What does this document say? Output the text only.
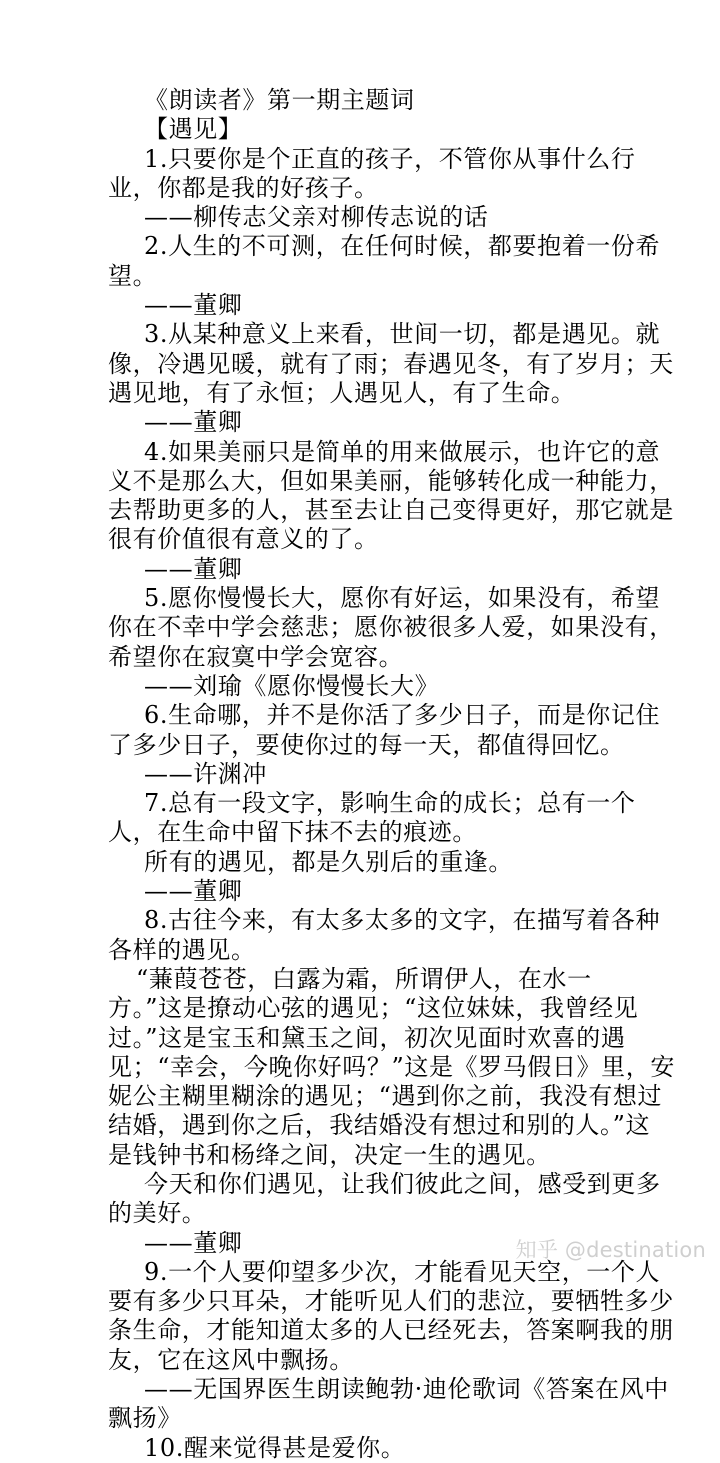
《朗读者》第一期主题词
【遇见】
1.只要你是个正直的孩子，不管你从事什么行
业，你都是我的好孩子。
——柳传志父亲对柳传志说的话
2.人生的不可测，在任何时候，都要抱着一份希
望。
——董卿
3.从某种意义上来看，世间一切，都是遇见。就
像，冷遇见暖，就有了雨；春遇见冬，有了岁月；天
遇见地，有了永恒；人遇见人，有了生命。
——董卿
4.如果美丽只是简单的用来做展示，也许它的意
义不是那么大，但如果美丽，能够转化成一种能力，
去帮助更多的人，甚至去让自己变得更好，那它就是
很有价值很有意义的了。
——董卿
5.愿你慢慢长大，愿你有好运，如果没有，希望
你在不幸中学会慈悲；愿你被很多人爱，如果没有，
希望你在寂寞中学会宽容。
——刘瑜《愿你慢慢长大》
6.生命哪，并不是你活了多少日子，而是你记住
了多少日子，要使你过的每一天，都值得回忆。
——许渊冲
7.总有一段文字，影响生命的成长；总有一个
人，在生命中留下抹不去的痕迹。
所有的遇见，都是久别后的重逢。
——董卿
8.古往今来，有太多太多的文字，在描写着各种
各样的遇见。
“蒹葭苍苍，白露为霜，所谓伊人，在水一
方。”这是撩动心弦的遇见；“这位妹妹，我曾经见
过。”这是宝玉和黛玉之间，初次见面时欢喜的遇
见；“幸会，今晚你好吗？”这是《罗马假日》里，安
妮公主糊里糊涂的遇见；“遇到你之前，我没有想过
结婚，遇到你之后，我结婚没有想过和别的人。”这
是钱钟书和杨绛之间，决定一生的遇见。
今天和你们遇见，让我们彼此之间，感受到更多
的美好。
——董卿
9.一个人要仰望多少次，才能看见天空，一个人
要有多少只耳朵，才能听见人们的悲泣，要牺牲多少
条生命，才能知道太多的人已经死去，答案啊我的朋
友，它在这风中飘扬。
——无国界医生朗读鲍勃·迪伦歌词《答案在风中
飘扬》
10.醒来觉得甚是爱你。
知乎 @destination
